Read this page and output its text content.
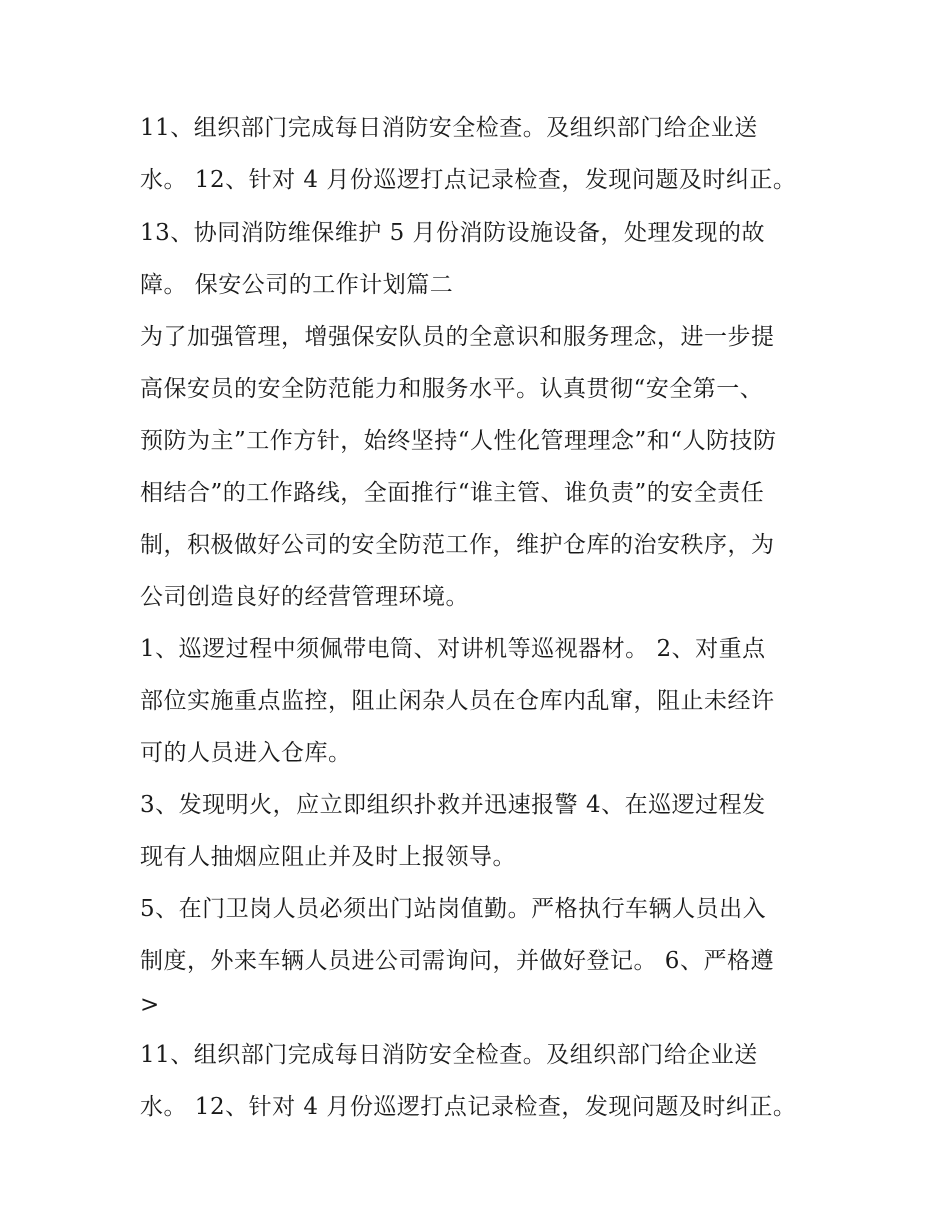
11、组织部门完成每日消防安全检查。及组织部门给企业送
水。 12、针对 4 月份巡逻打点记录检查，发现问题及时纠正。
13、协同消防维保维护 5 月份消防设施设备，处理发现的故
障。 保安公司的工作计划篇二
为了加强管理，增强保安队员的全意识和服务理念，进一步提
高保安员的安全防范能力和服务水平。认真贯彻“安全第一、
预防为主”工作方针，始终坚持“人性化管理理念”和“人防技防
相结合”的工作路线，全面推行“谁主管、谁负责”的安全责任
制，积极做好公司的安全防范工作，维护仓库的治安秩序，为
公司创造良好的经营管理环境。
1、巡逻过程中须佩带电筒、对讲机等巡视器材。 2、对重点
部位实施重点监控，阻止闲杂人员在仓库内乱窜，阻止未经许
可的人员进入仓库。
3、发现明火，应立即组织扑救并迅速报警 4、在巡逻过程发
现有人抽烟应阻止并及时上报领导。
5、在门卫岗人员必须出门站岗值勤。严格执行车辆人员出入
制度，外来车辆人员进公司需询问，并做好登记。 6、严格遵
>
11、组织部门完成每日消防安全检查。及组织部门给企业送
水。 12、针对 4 月份巡逻打点记录检查，发现问题及时纠正。
